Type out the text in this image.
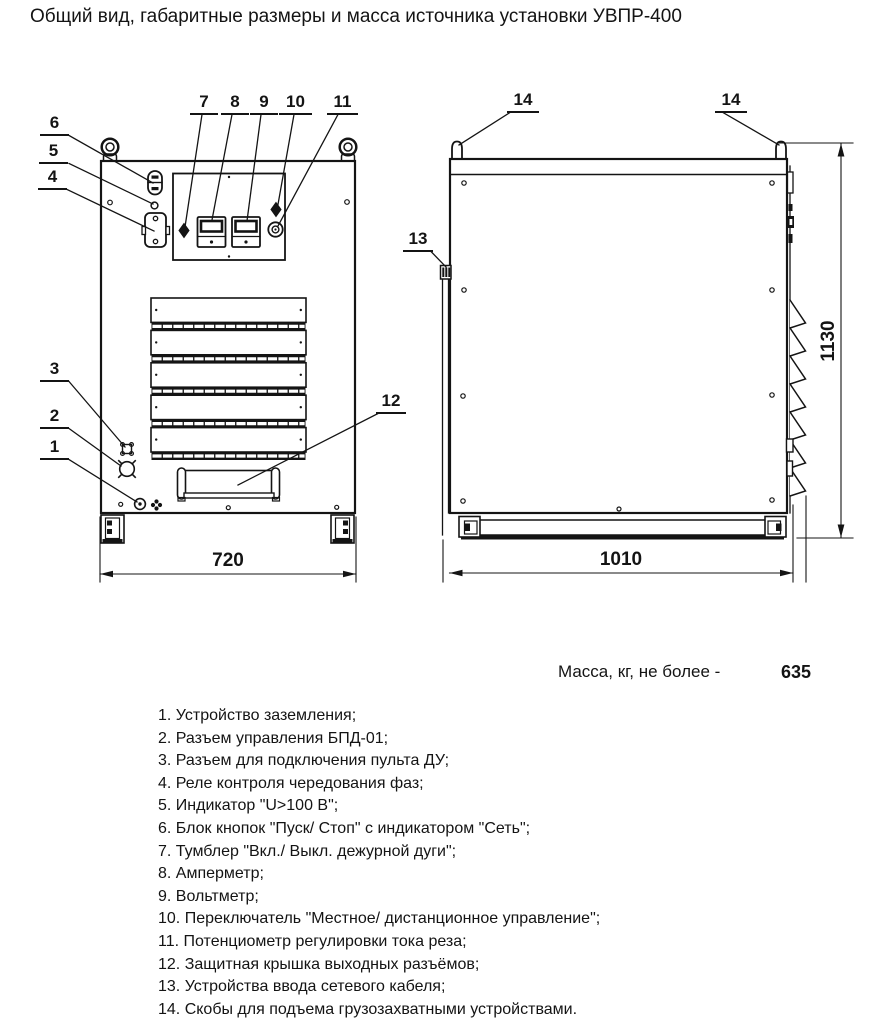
Общий вид, габаритные размеры и масса источника установки УВПР-400
6
5
4
3
2
1
7	8	9	10	11
12
13
14	14
720	1010
1130
Масса, кг, не более -	635
1. Устройство заземления;
2. Разъем управления БПД-01;
3. Разъем для подключения пульта ДУ;
4. Реле контроля чередования фаз;
5. Индикатор "U>100 В";
6. Блок кнопок "Пуск/ Стоп" с индикатором "Сеть";
7. Тумблер "Вкл./ Выкл. дежурной дуги";
8. Амперметр;
9. Вольтметр;
10. Переключатель "Местное/ дистанционное управление";
11. Потенциометр регулировки тока реза;
12. Защитная крышка выходных разъёмов;
13. Устройства ввода сетевого кабеля;
14. Скобы для подъема грузозахватными устройствами.
